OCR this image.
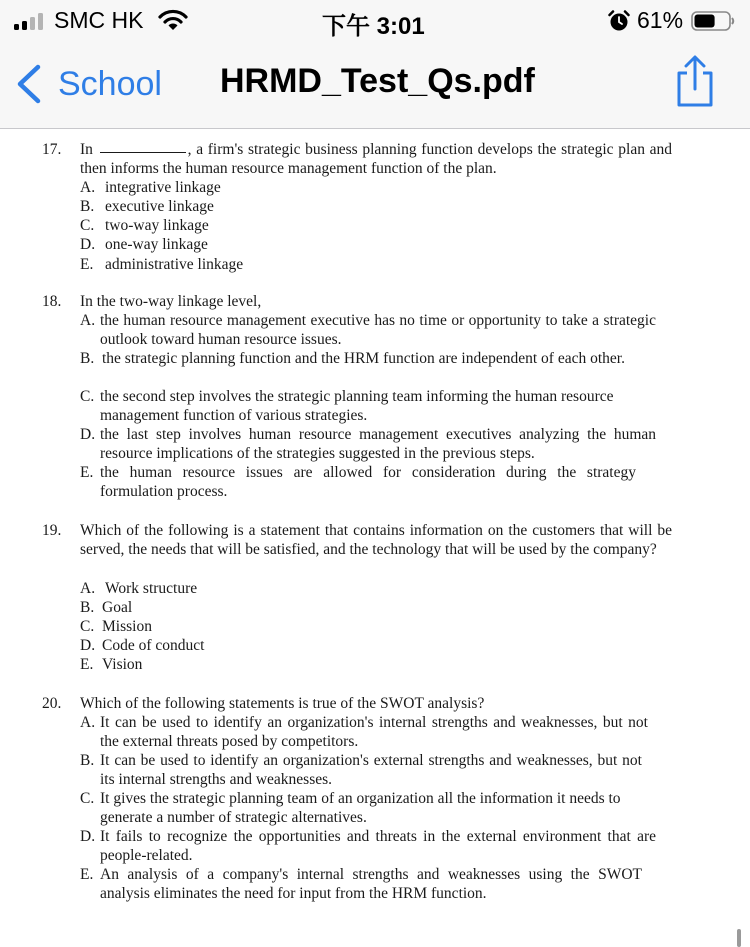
SMC HK	下午 3:01	61%
School HRMD_Test_Qs.pdf
17. In	, a firm's strategic business planning function develops the strategic plan and then informs the human resource management function of the plan.
A. integrative linkage
B. executive linkage
C. two-way linkage
D. one-way linkage
E. administrative linkage
18. In the two-way linkage level,
A. the human resource management executive has no time or opportunity to take a strategic outlook toward human resource issues.
B. the strategic planning function and the HRM function are independent of each other.
C. the second step involves the strategic planning team informing the human resource management function of various strategies.
D. the last step involves human resource management executives analyzing the human resource implications of the strategies suggested in the previous steps.
E. the human resource issues are allowed for consideration during the strategy formulation process.
19. Which of the following is a statement that contains information on the customers that will be served, the needs that will be satisfied, and the technology that will be used by the company?
A. Work structure
B. Goal
C. Mission
D. Code of conduct
E. Vision
20. Which of the following statements is true of the SWOT analysis?
A. It can be used to identify an organization's internal strengths and weaknesses, but not the external threats posed by competitors.
B. It can be used to identify an organization's external strengths and weaknesses, but not its internal strengths and weaknesses.
C. It gives the strategic planning team of an organization all the information it needs to generate a number of strategic alternatives.
D. It fails to recognize the opportunities and threats in the external environment that are people-related.
E. An analysis of a company's internal strengths and weaknesses using the SWOT analysis eliminates the need for input from the HRM function.
